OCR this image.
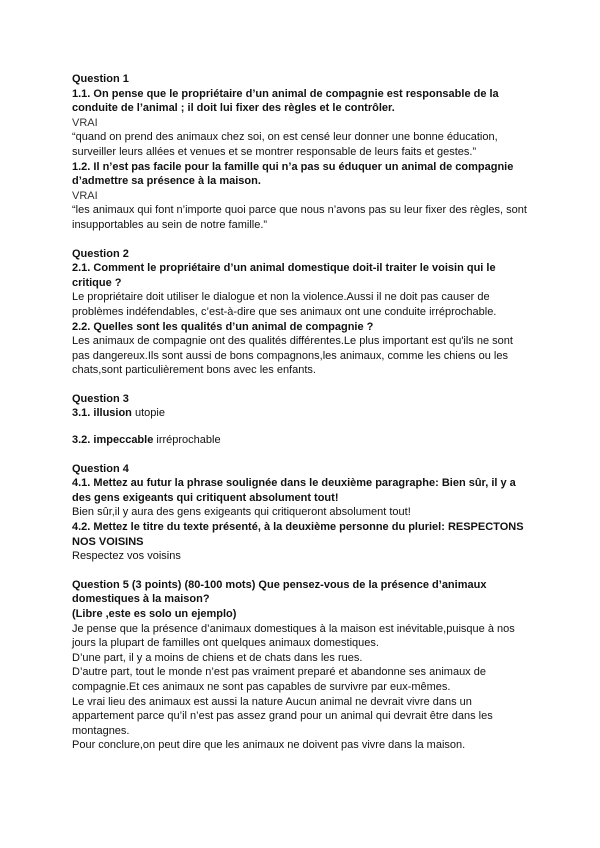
Question 1
1.1. On pense que le propriétaire d’un animal de compagnie est responsable de la conduite de l’animal ; il doit lui fixer des règles et le contrôler.
VRAI
“quand on prend des animaux chez soi, on est censé leur donner une bonne éducation, surveiller leurs allées et venues et se montrer responsable de leurs faits et gestes.”
1.2. Il n’est pas facile pour la famille qui n’a pas su éduquer un animal de compagnie d’admettre sa présence à la maison.
VRAI
“les animaux qui font n’importe quoi parce que nous n’avons pas su leur fixer des règles, sont insupportables au sein de notre famille.”
Question 2
2.1. Comment le propriétaire d’un animal domestique doit-il traiter le voisin qui le critique ?
Le propriétaire doit utiliser le dialogue et non la violence.Aussi il ne doit pas causer de problèmes indéfendables, c’est-à-dire que ses animaux ont une conduite irréprochable.
2.2. Quelles sont les qualités d’un animal de compagnie ?
Les animaux de compagnie ont des qualités différentes.Le plus important est qu'ils ne sont pas dangereux.Ils sont aussi de bons compagnons,les animaux, comme les chiens ou les chats,sont particulièrement bons avec les enfants.
Question 3
3.1. illusion utopie
3.2. impeccable irréprochable
Question 4
4.1. Mettez au futur la phrase soulignée dans le deuxième paragraphe: Bien sûr, il y a des gens exigeants qui critiquent absolument tout!
Bien sûr,il y aura des gens exigeants qui critiqueront absolument tout!
4.2. Mettez le titre du texte présenté, à la deuxième personne du pluriel: RESPECTONS NOS VOISINS
Respectez vos voisins
Question 5 (3 points) (80-100 mots) Que pensez-vous de la présence d’animaux domestiques à la maison?
(Libre ,este es solo un ejemplo)
Je pense que la présence d’animaux domestiques à la maison est inévitable,puisque à nos jours la plupart de familles ont quelques animaux domestiques.
D’une part, il y a moins de chiens et de chats dans les rues.
D’autre part, tout le monde n’est pas vraiment preparé et abandonne ses animaux de compagnie.Et ces animaux ne sont pas capables de survivre par eux-mêmes.
Le vrai lieu des animaux est aussi la nature Aucun animal ne devrait vivre dans un appartement parce qu’il n’est pas assez grand pour un animal qui devrait être dans les montagnes.
Pour conclure,on peut dire que les animaux ne doivent pas vivre dans la maison.
